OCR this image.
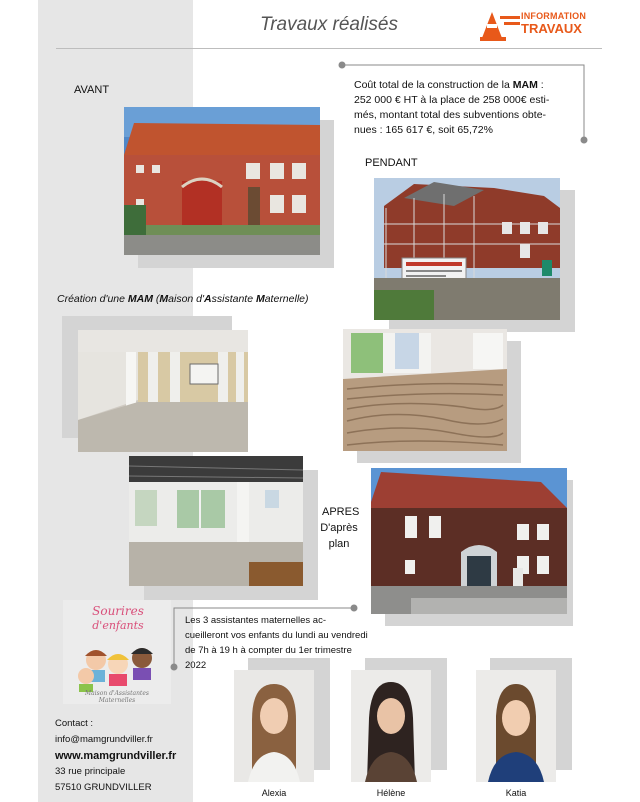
Travaux réalisés	INFORMATION
TRAVAUX
AVANT	Coût total de la construction de la MAM :
252 000 € HT à la place de 258 000€ esti-
més, montant total des subventions obte-
nues : 165 617 €, soit 65,72%
PENDANT
Création d'une MAM (Maison d'Assistante Maternelle)
APRES
D'après
plan
Sourires
d'enfants
Maison d'Assistantes Maternelles
Les 3 assistantes maternelles ac-
cueilleront vos enfants du lundi au vendredi
de 7h à 19 h à compter du 1er trimestre
2022
Contact :
info@mamgrundviller.fr
www.mamgrundviller.fr
33 rue principale
57510 GRUNDVILLER	Alexia	Hélène	Katia
